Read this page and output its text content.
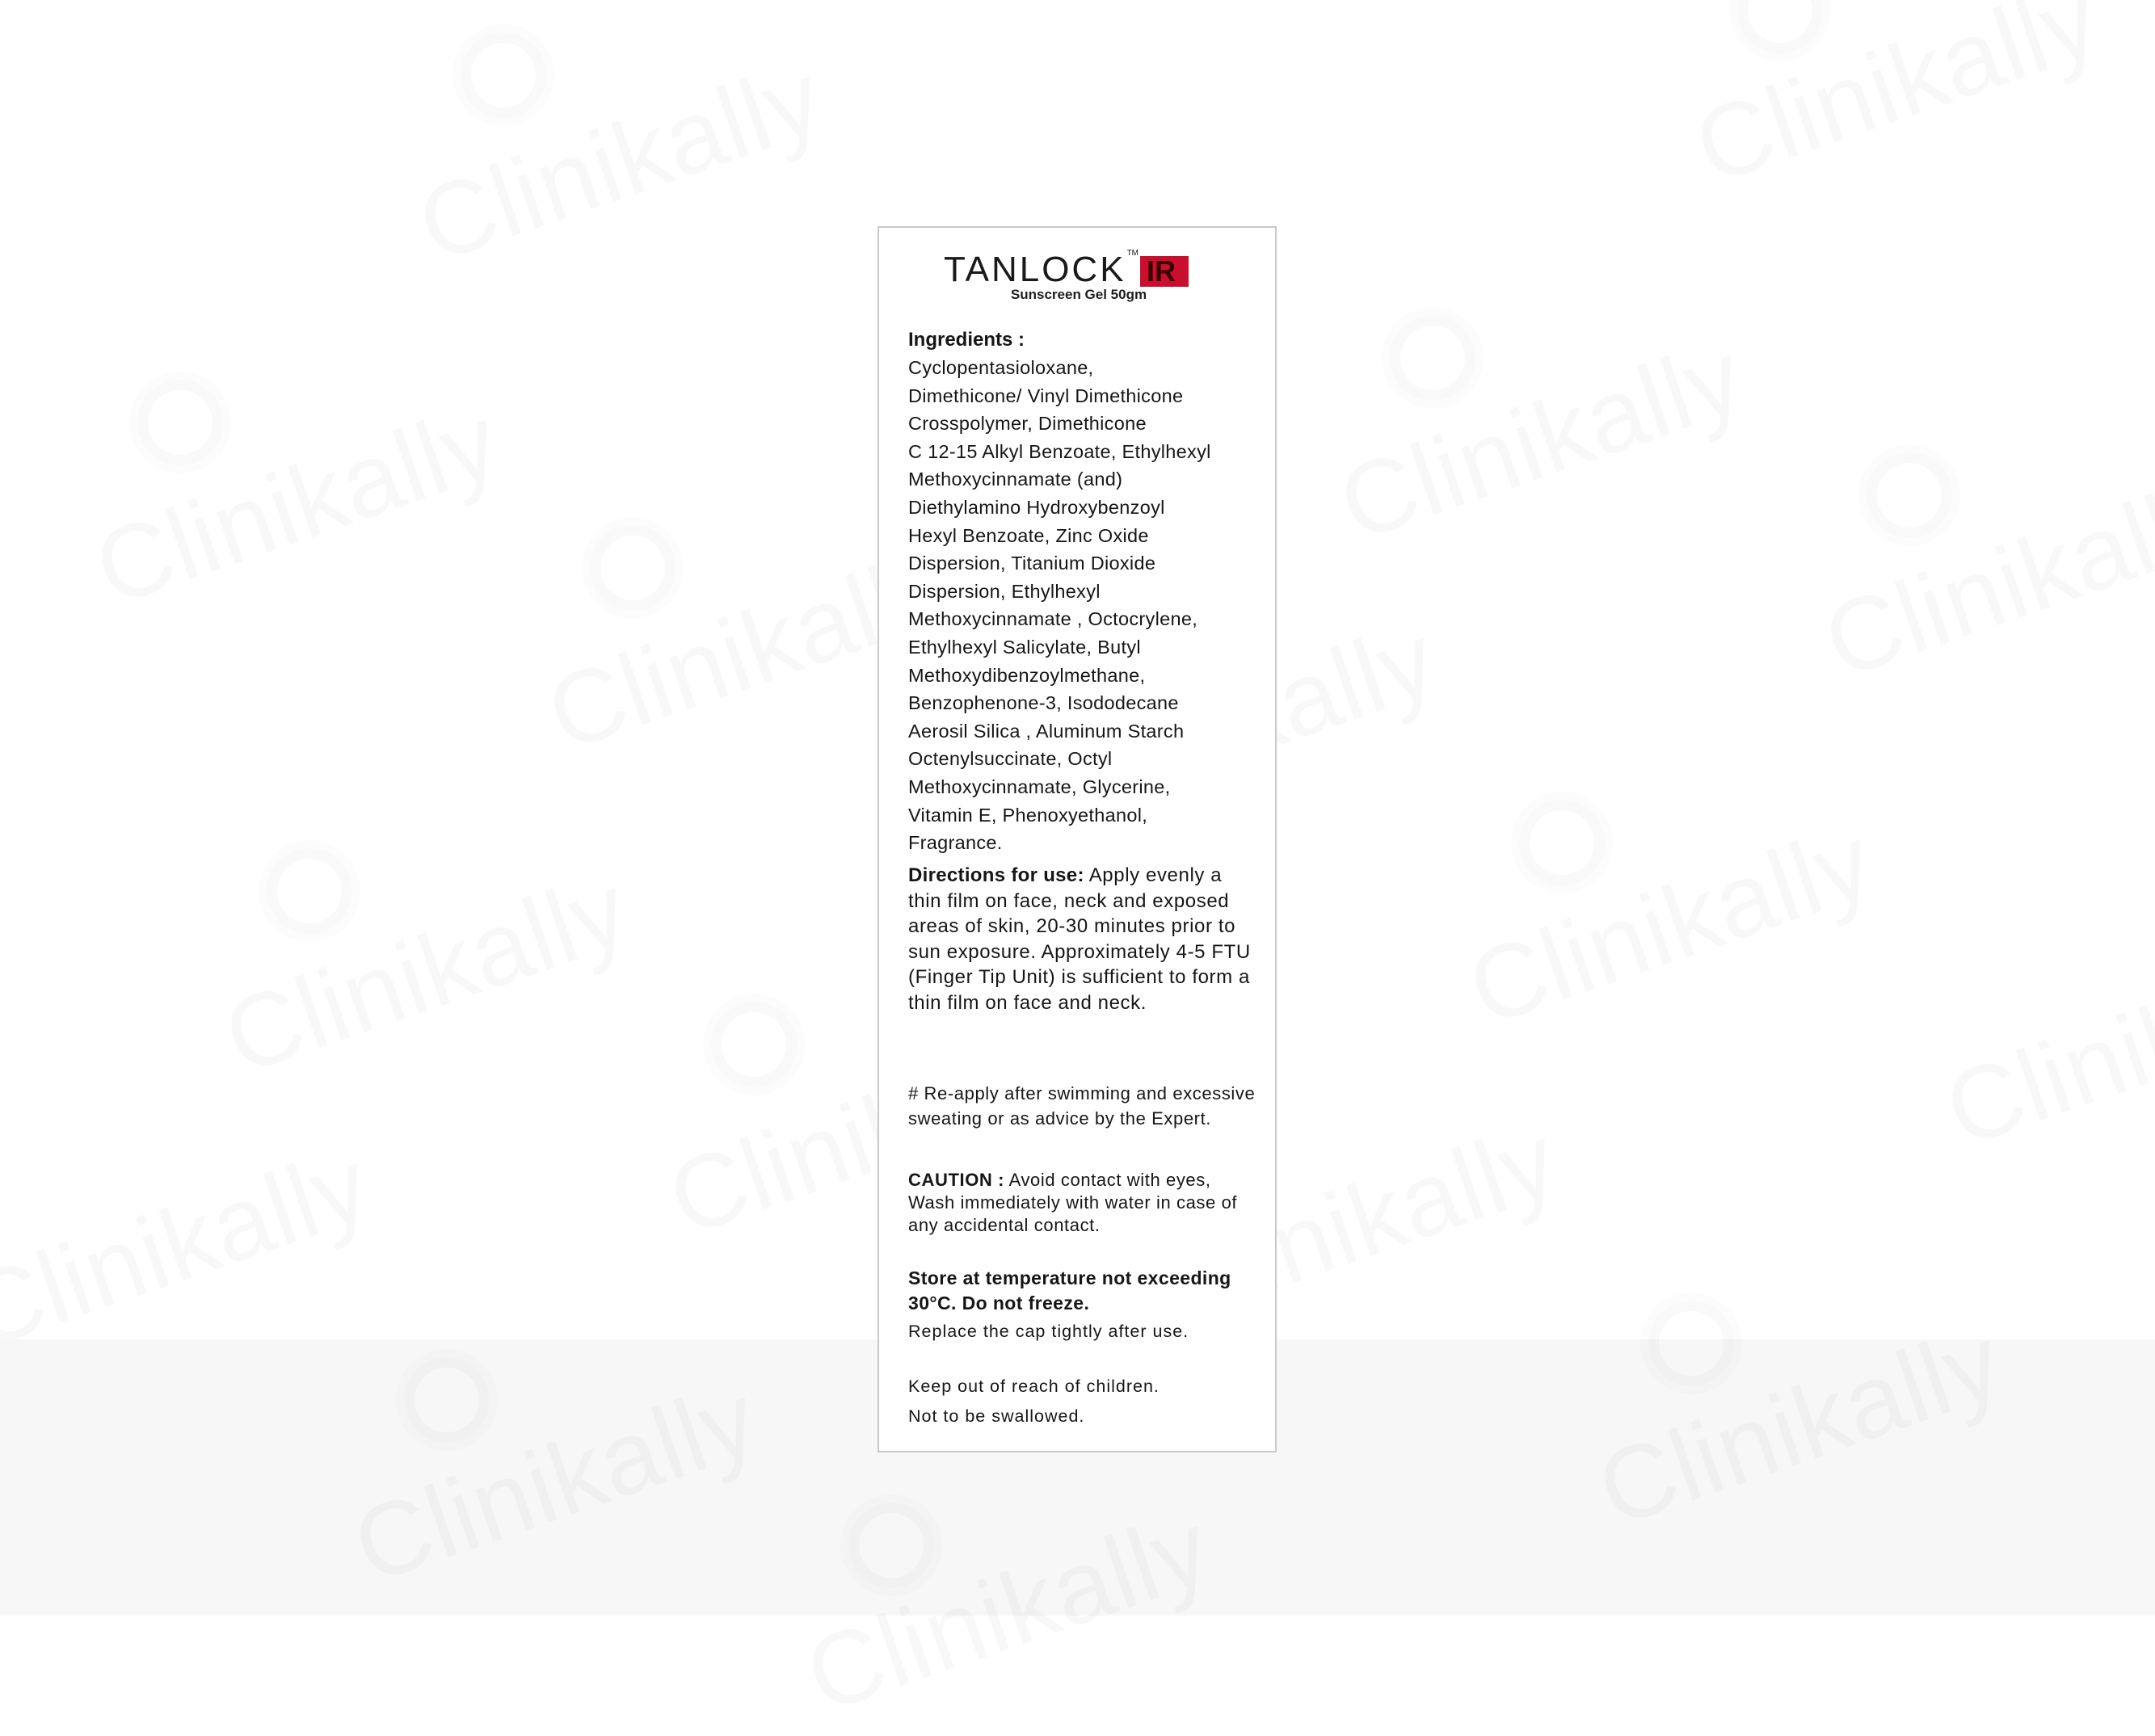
TANLOCK TM
IR
Sunscreen Gel 50gm
Ingredients :
Cyclopentasioloxane,
Dimethicone/ Vinyl Dimethicone
Crosspolymer, Dimethicone
C 12-15 Alkyl Benzoate, Ethylhexyl
Methoxycinnamate (and)
Diethylamino Hydroxybenzoyl
Hexyl Benzoate, Zinc Oxide
Dispersion, Titanium Dioxide
Dispersion, Ethylhexyl
Methoxycinnamate , Octocrylene,
Ethylhexyl Salicylate, Butyl
Methoxydibenzoylmethane,
Benzophenone-3, Isododecane
Aerosil Silica , Aluminum Starch
Octenylsuccinate, Octyl
Methoxycinnamate, Glycerine,
Vitamin E, Phenoxyethanol,
Fragrance.
Directions for use: Apply evenly a thin film on face, neck and exposed areas of skin, 20-30 minutes prior to sun exposure. Approximately 4-5 FTU (Finger Tip Unit) is sufficient to form a thin film on face and neck.
# Re-apply after swimming and excessive sweating or as advice by the Expert.
CAUTION : Avoid contact with eyes, Wash immediately with water in case of any accidental contact.
Store at temperature not exceeding 30°C. Do not freeze.
Replace the cap tightly after use.
Keep out of reach of children.
Not to be swallowed.
